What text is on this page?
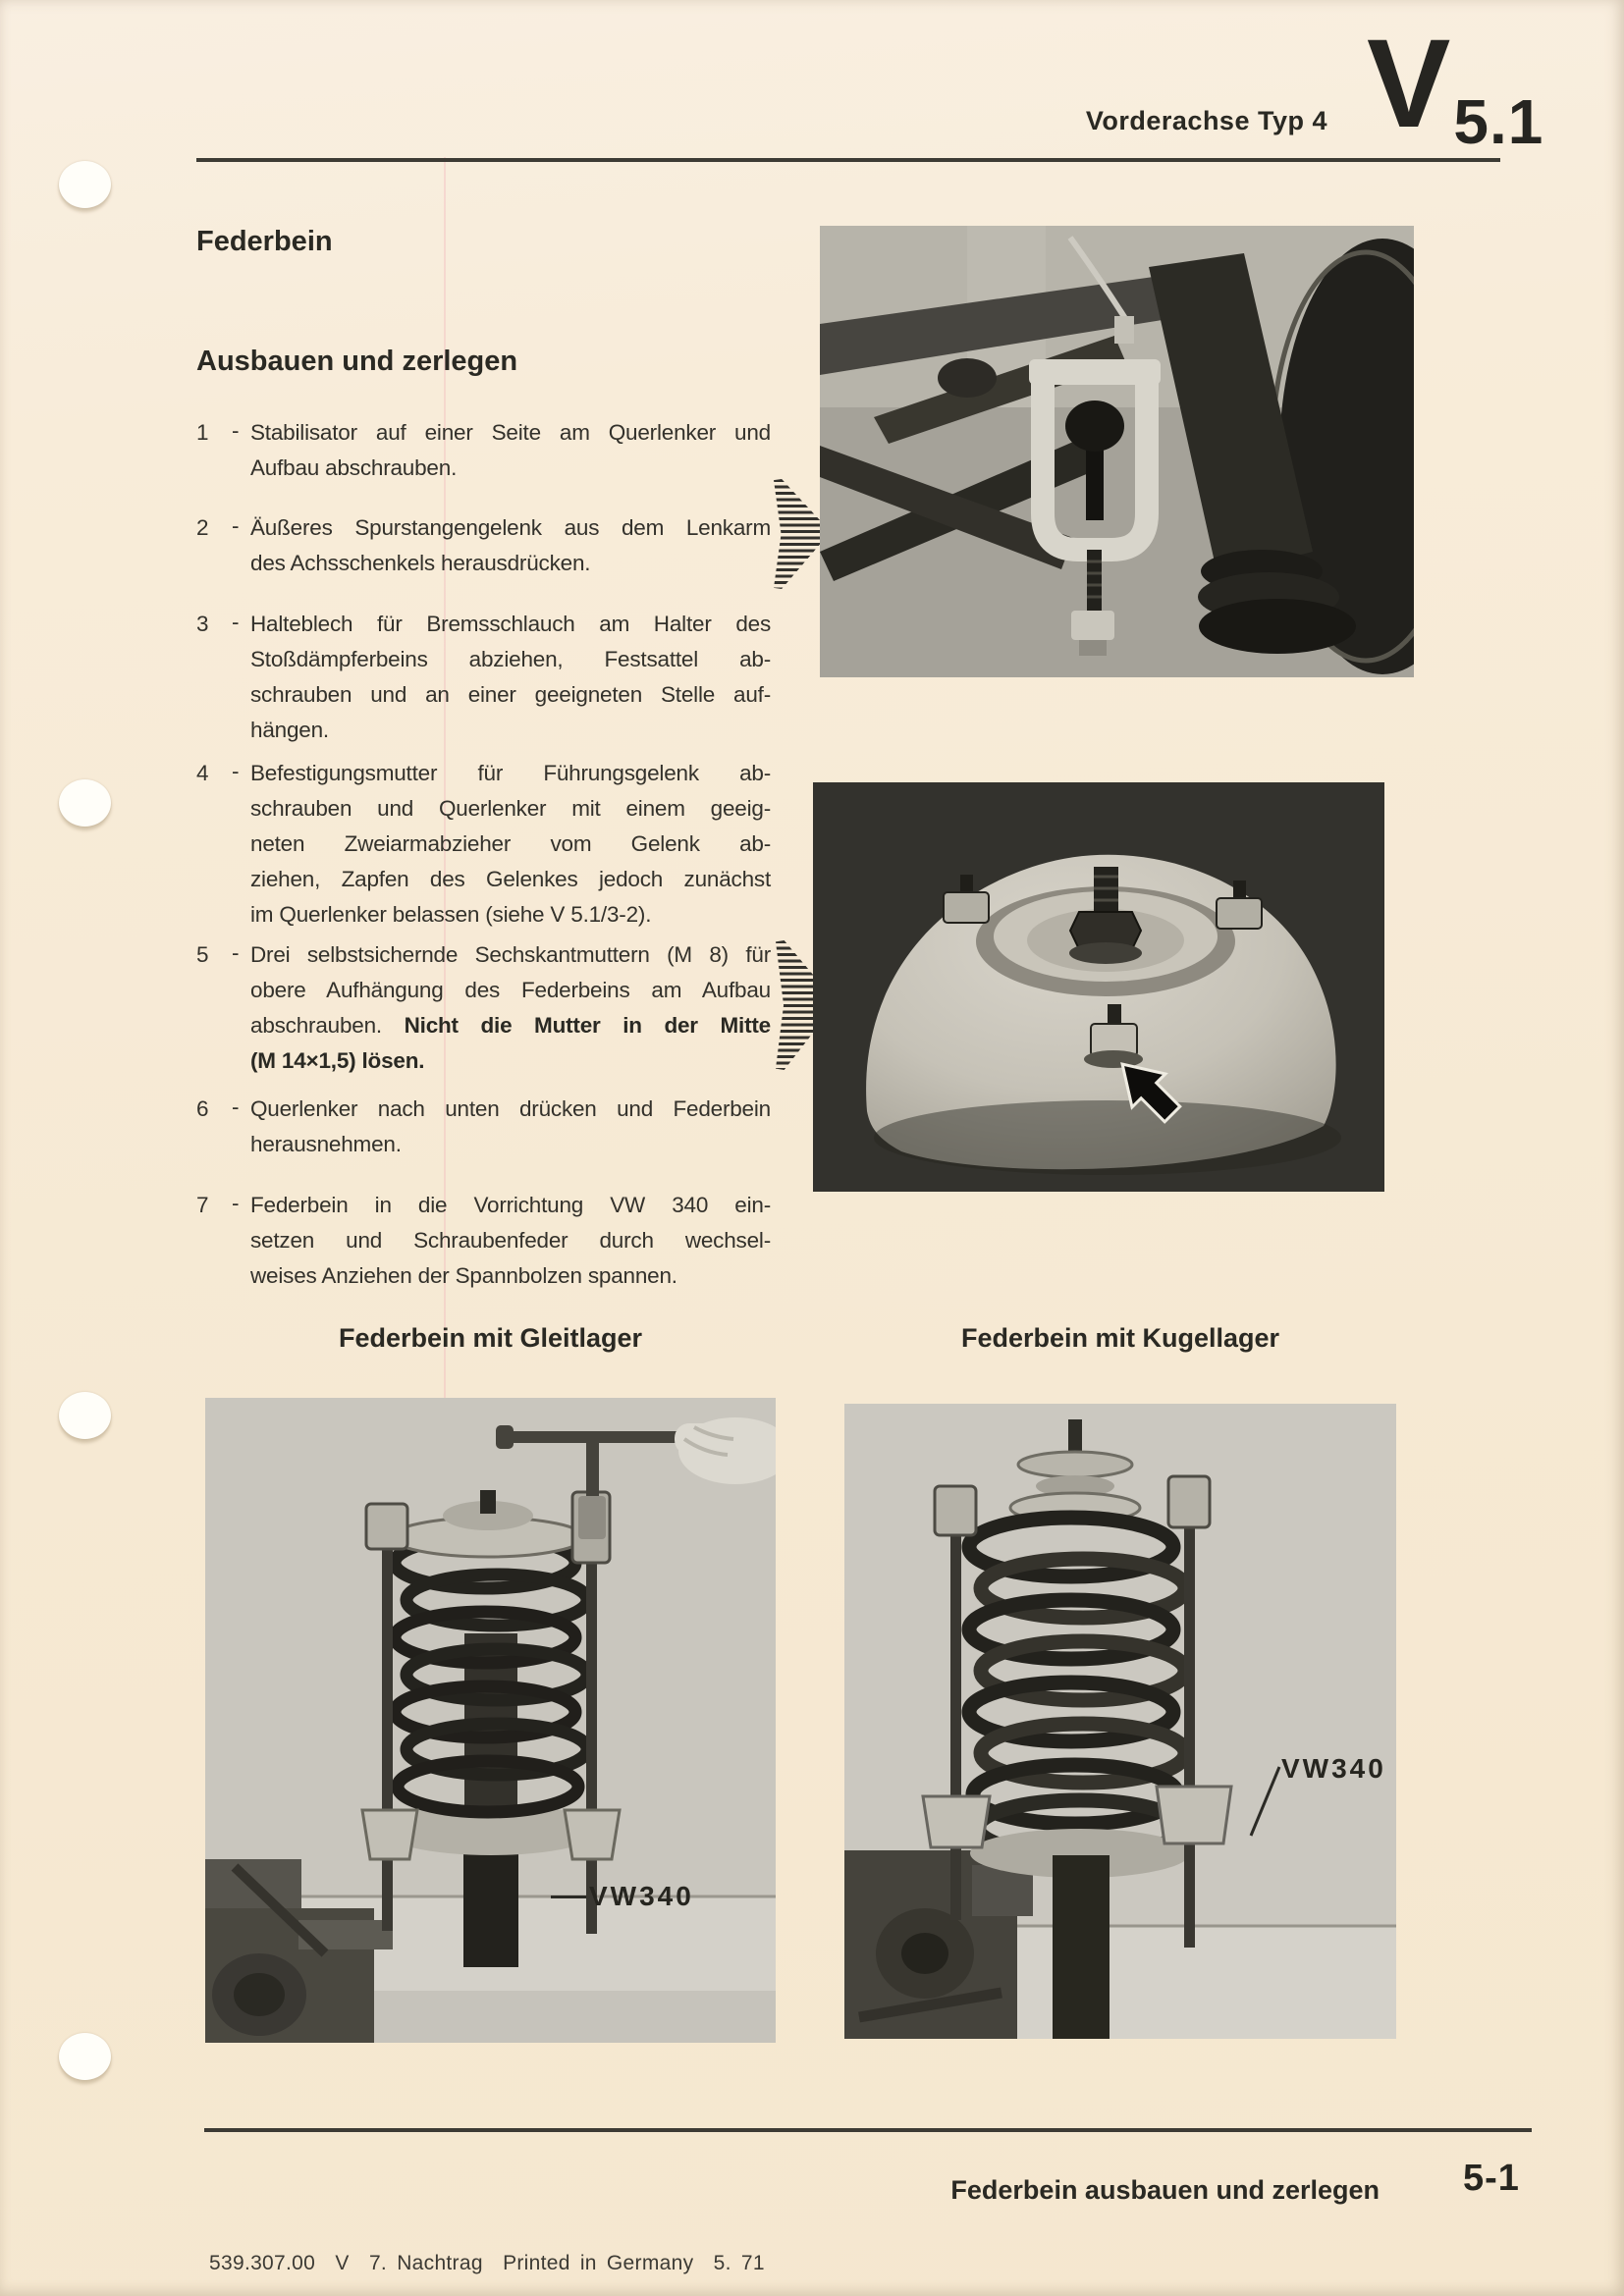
Vorderachse Typ 4 V 5.1
Federbein
Ausbauen und zerlegen
1 - Stabilisator auf einer Seite am Querlenker und
Aufbau abschrauben.
2 - Äußeres Spurstangengelenk aus dem Lenkarm
des Achsschenkels herausdrücken.
3 - Halteblech für Bremsschlauch am Halter des
Stoßdämpferbeins abziehen, Festsattel ab-
schrauben und an einer geeigneten Stelle auf-
hängen.
4 - Befestigungsmutter für Führungsgelenk ab-
schrauben und Querlenker mit einem geeig-
neten Zweiarmabzieher vom Gelenk ab-
ziehen, Zapfen des Gelenkes jedoch zunächst
im Querlenker belassen (siehe V 5.1/3-2).
5 - Drei selbstsichernde Sechskantmuttern (M 8) für
obere Aufhängung des Federbeins am Aufbau
abschrauben. Nicht die Mutter in der Mitte
(M 14×1,5) lösen.
6 - Querlenker nach unten drücken und Federbein
herausnehmen.
7 - Federbein in die Vorrichtung VW 340 ein-
setzen und Schraubenfeder durch wechsel-
weises Anziehen der Spannbolzen spannen.
Federbein mit Gleitlager	Federbein mit Kugellager
VW340
VW340
Federbein ausbauen und zerlegen 5-1
539.307.00  V  7. Nachtrag  Printed in Germany  5. 71
